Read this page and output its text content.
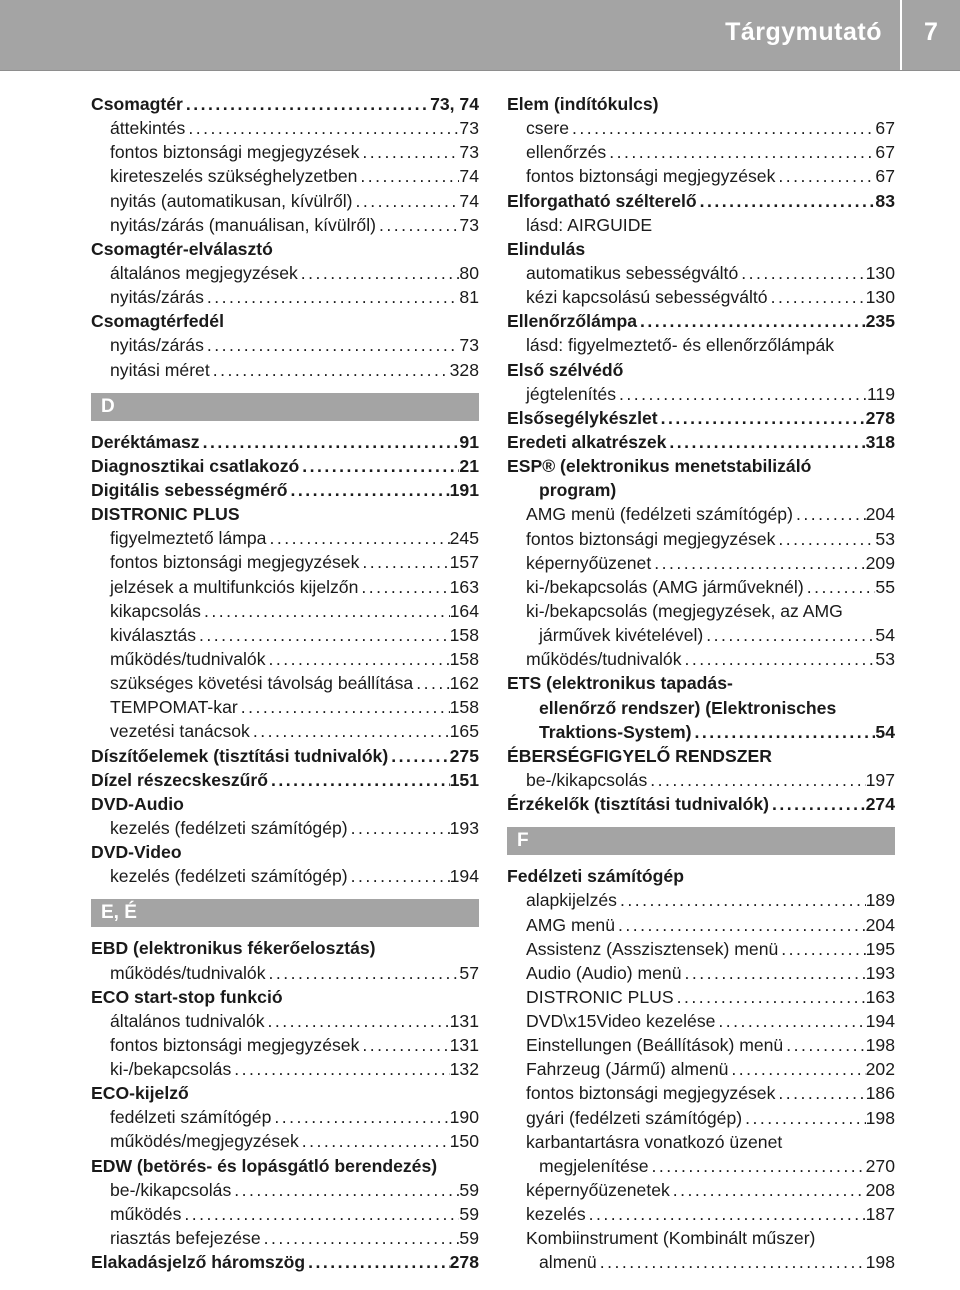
Tárgymutató	7
Csomagtér . . .	73, 74
áttekintés . . .	73
fontos biztonsági megjegyzések . . .	73
kireteszelés szükséghelyzetben . . .	74
nyitás (automatikusan, kívülről) . . .	74
nyitás/zárás (manuálisan, kívülről) . . .	73
Csomagtér-elválasztó
általános megjegyzések . . .	80
nyitás/zárás . . .	81
Csomagtérfedél
nyitás/zárás . . .	73
nyitási méret . . .	328
D
Deréktámasz . . .	91
Diagnosztikai csatlakozó . . .	21
Digitális sebességmérő . . .	191
DISTRONIC PLUS
figyelmeztető lámpa . . .	245
fontos biztonsági megjegyzések . . .	157
jelzések a multifunkciós kijelzőn . . .	163
kikapcsolás . . .	164
kiválasztás . . .	158
működés/tudnivalók . . .	158
szükséges követési távolság beállítása . . . 162
TEMPOMAT-kar . . .	158
vezetési tanácsok . . .	165
Díszítőelemek (tisztítási tudnivalók) . . .	275
Dízel részecskeszűrő . . .	151
DVD-Audio
kezelés (fedélzeti számítógép) . . .	193
DVD-Video
kezelés (fedélzeti számítógép) . . .	194
E, É
EBD (elektronikus fékerőelosztás)
működés/tudnivalók . . .	57
ECO start-stop funkció
általános tudnivalók . . .	131
fontos biztonsági megjegyzések . . .	131
ki-/bekapcsolás . . .	132
ECO-kijelző
fedélzeti számítógép . . .	190
működés/megjegyzések . . .	150
EDW (betörés- és lopásgátló berendezés)
be-/kikapcsolás . . .	59
működés . . .	59
riasztás befejezése . . .	59
Elakadásjelző háromszög . . .	278
Elem (indítókulcs)
csere . . .	67
ellenőrzés . . .	67
fontos biztonsági megjegyzések . . .	67
Elforgatható szélterelő . . .	83
lásd: AIRGUIDE
Elindulás
automatikus sebességváltó . . .	130
kézi kapcsolású sebességváltó . . .	130
Ellenőrzőlámpa . . .	235
lásd: figyelmeztető- és ellenőrzőlámpák
Első szélvédő
jégtelenítés . . .	119
Elsősegélykészlet . . .	278
Eredeti alkatrészek . . .	318
ESP® (elektronikus menetstabilizáló
program)
AMG menü (fedélzeti számítógép) . . .	204
fontos biztonsági megjegyzések . . .	53
képernyőüzenet . . .	209
ki-/bekapcsolás (AMG járműveknél) . . .	55
ki-/bekapcsolás (megjegyzések, az AMG
járművek kivételével) . . .	54
működés/tudnivalók . . .	53
ETS (elektronikus tapadás-
ellenőrző rendszer) (Elektronisches
Traktions-System) . . .	54
ÉBERSÉGFIGYELŐ RENDSZER
be-/kikapcsolás . . .	197
Érzékelők (tisztítási tudnivalók) . . .	274
F
Fedélzeti számítógép
alapkijelzés . . .	189
AMG menü . . .	204
Assistenz (Asszisztensek) menü . . .	195
Audio (Audio) menü . . .	193
DISTRONIC PLUS . . .	163
DVD\x15Video kezelése . . .	194
Einstellungen (Beállítások) menü . . .	198
Fahrzeug (Jármű) almenü . . .	202
fontos biztonsági megjegyzések . . .	186
gyári (fedélzeti számítógép) . . .	198
karbantartásra vonatkozó üzenet
megjelenítése . . .	270
képernyőüzenetek . . .	208
kezelés . . .	187
Kombiinstrument (Kombinált műszer)
almenü . . .	198
